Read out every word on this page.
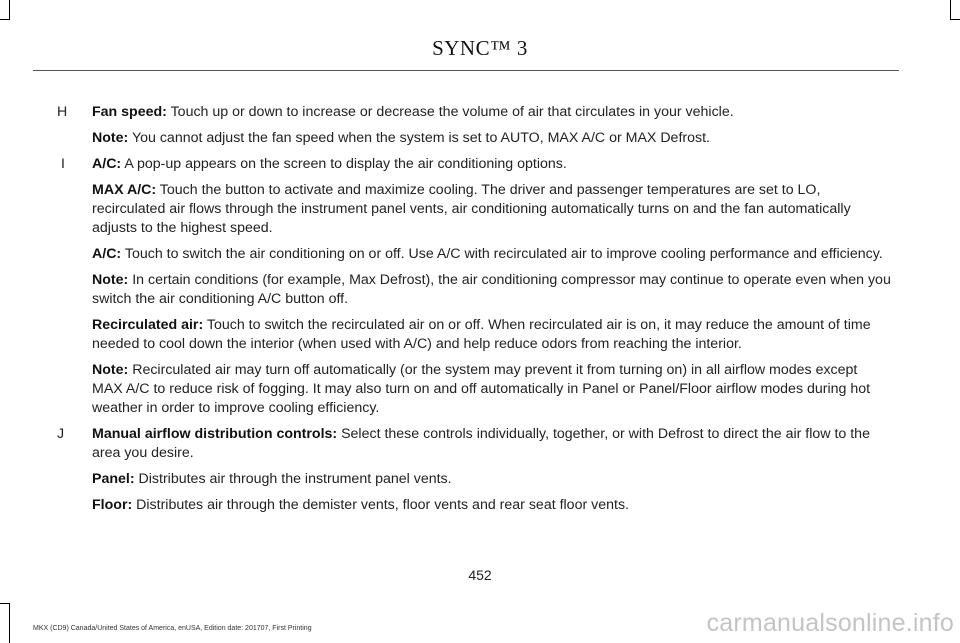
SYNC™ 3
H Fan speed: Touch up or down to increase or decrease the volume of air that circulates in your vehicle.

Note: You cannot adjust the fan speed when the system is set to AUTO, MAX A/C or MAX Defrost.

I A/C: A pop-up appears on the screen to display the air conditioning options.

MAX A/C: Touch the button to activate and maximize cooling. The driver and passenger temperatures are set to LO, recirculated air flows through the instrument panel vents, air conditioning automatically turns on and the fan automatically adjusts to the highest speed.

A/C: Touch to switch the air conditioning on or off. Use A/C with recirculated air to improve cooling performance and efficiency.

Note: In certain conditions (for example, Max Defrost), the air conditioning compressor may continue to operate even when you switch the air conditioning A/C button off.

Recirculated air: Touch to switch the recirculated air on or off. When recirculated air is on, it may reduce the amount of time needed to cool down the interior (when used with A/C) and help reduce odors from reaching the interior.

Note: Recirculated air may turn off automatically (or the system may prevent it from turning on) in all airflow modes except MAX A/C to reduce risk of fogging. It may also turn on and off automatically in Panel or Panel/Floor airflow modes during hot weather in order to improve cooling efficiency.

J Manual airflow distribution controls: Select these controls individually, together, or with Defrost to direct the air flow to the area you desire.

Panel: Distributes air through the instrument panel vents.

Floor: Distributes air through the demister vents, floor vents and rear seat floor vents.

452
MKX (CD9) Canada/United States of America, enUSA, Edition date: 201707, First Printing	carmanualsonline.info
